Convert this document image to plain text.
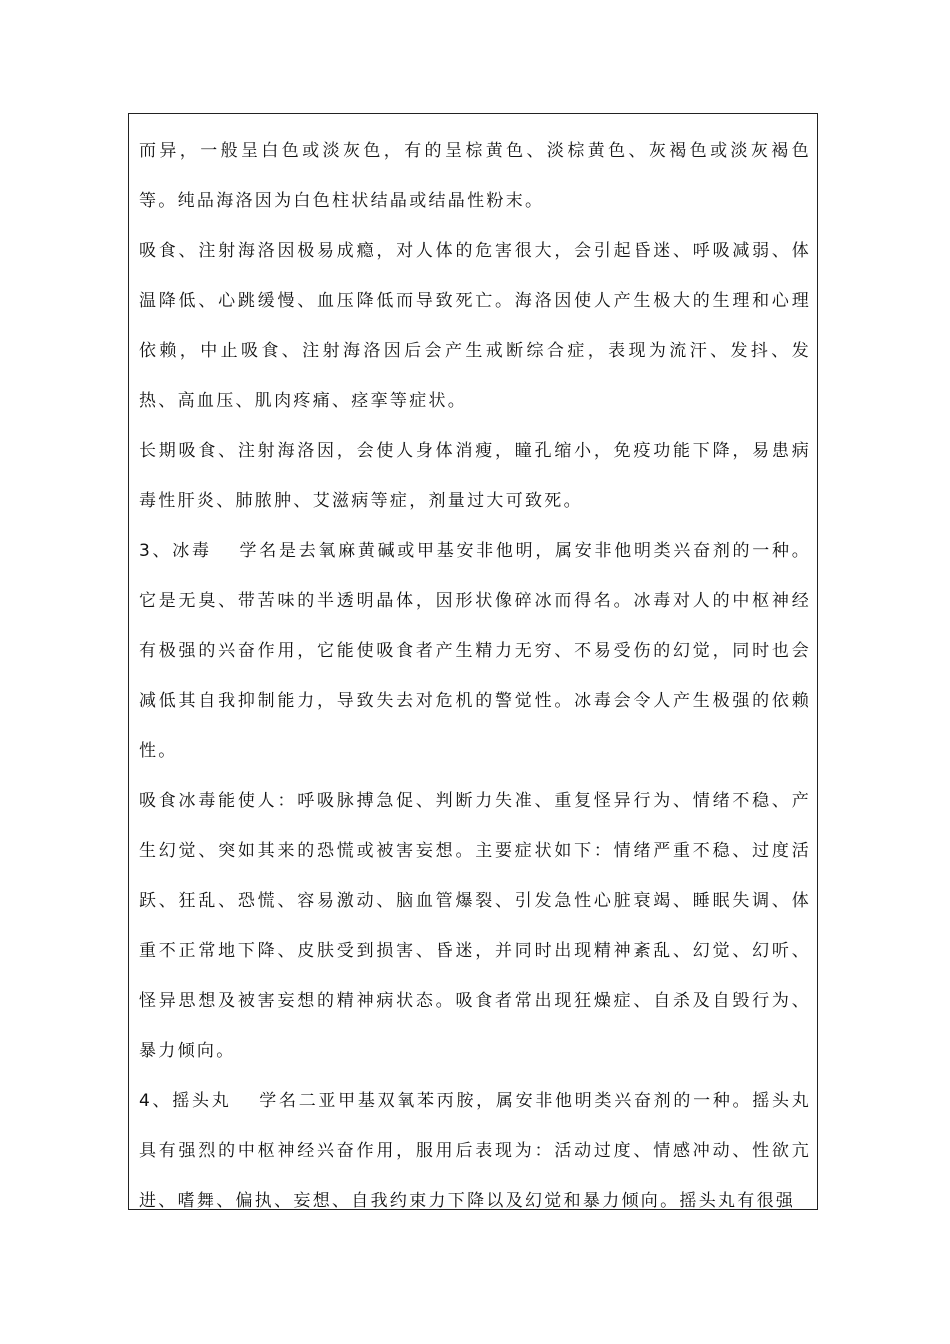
而异，一般呈白色或淡灰色，有的呈棕黄色、淡棕黄色、灰褐色或淡灰褐色等。纯品海洛因为白色柱状结晶或结晶性粉末。

吸食、注射海洛因极易成瘾，对人体的危害很大，会引起昏迷、呼吸减弱、体温降低、心跳缓慢、血压降低而导致死亡。海洛因使人产生极大的生理和心理依赖，中止吸食、注射海洛因后会产生戒断综合症，表现为流汗、发抖、发热、高血压、肌肉疼痛、痉挛等症状。

长期吸食、注射海洛因，会使人身体消瘦，瞳孔缩小，免疫功能下降，易患病毒性肝炎、肺脓肿、艾滋病等症，剂量过大可致死。

3、冰毒　 学名是去氧麻黄碱或甲基安非他明，属安非他明类兴奋剂的一种。它是无臭、带苦味的半透明晶体，因形状像碎冰而得名。冰毒对人的中枢神经有极强的兴奋作用，它能使吸食者产生精力无穷、不易受伤的幻觉，同时也会减低其自我抑制能力，导致失去对危机的警觉性。冰毒会令人产生极强的依赖性。

吸食冰毒能使人：呼吸脉搏急促、判断力失准、重复怪异行为、情绪不稳、产生幻觉、突如其来的恐慌或被害妄想。主要症状如下：情绪严重不稳、过度活跃、狂乱、恐慌、容易激动、脑血管爆裂、引发急性心脏衰竭、睡眠失调、体重不正常地下降、皮肤受到损害、昏迷，并同时出现精神紊乱、幻觉、幻听、怪异思想及被害妄想的精神病状态。吸食者常出现狂燥症、自杀及自毁行为、暴力倾向。

4、摇头丸　 学名二亚甲基双氧苯丙胺，属安非他明类兴奋剂的一种。摇头丸具有强烈的中枢神经兴奋作用，服用后表现为：活动过度、情感冲动、性欲亢进、嗜舞、偏执、妄想、自我约束力下降以及幻觉和暴力倾向。摇头丸有很强
